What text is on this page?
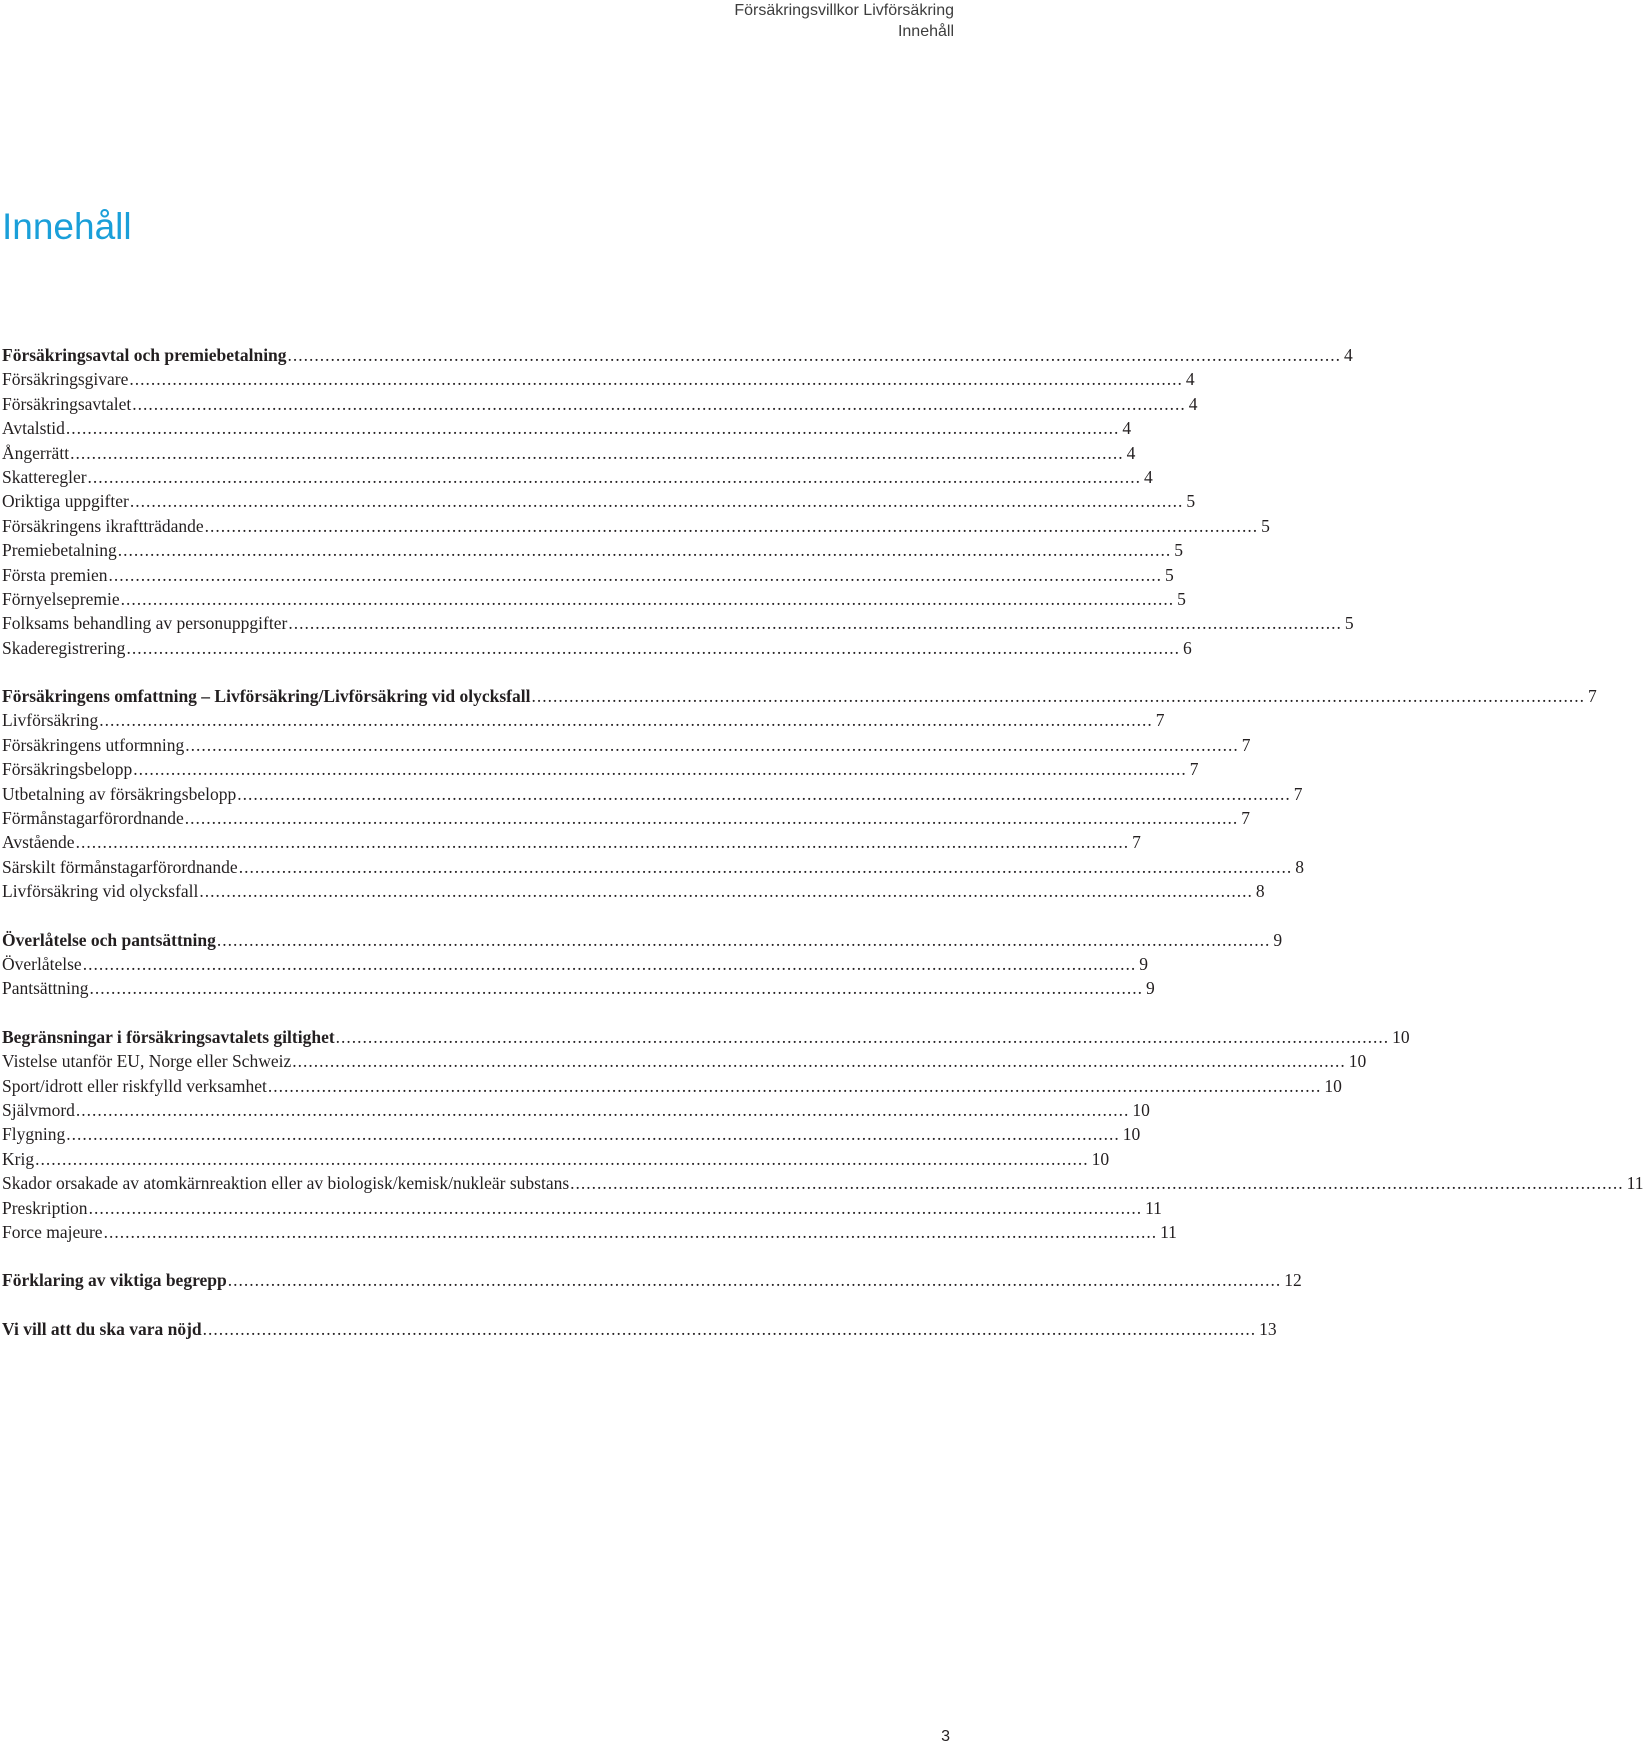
Försäkringsvillkor Livförsäkring
Innehåll
Innehåll
Försäkringsavtal och premiebetalning .................................................................................................................................................................................................... 4
Försäkringsgivare .................................................................................................................................................................................................... 4
Försäkringsavtalet .................................................................................................................................................................................................... 4
Avtalstid .................................................................................................................................................................................................... 4
Ångerrätt .................................................................................................................................................................................................... 4
Skatteregler .................................................................................................................................................................................................... 4
Oriktiga uppgifter .................................................................................................................................................................................................... 5
Försäkringens ikraftträdande .................................................................................................................................................................................................... 5
Premiebetalning .................................................................................................................................................................................................... 5
Första premien .................................................................................................................................................................................................... 5
Förnyelsepremie .................................................................................................................................................................................................... 5
Folksams behandling av personuppgifter .................................................................................................................................................................................................... 5
Skaderegistrering .................................................................................................................................................................................................... 6
Försäkringens omfattning – Livförsäkring/Livförsäkring vid olycksfall .................................................................................................................................................................................................... 7
Livförsäkring .................................................................................................................................................................................................... 7
Försäkringens utformning .................................................................................................................................................................................................... 7
Försäkringsbelopp .................................................................................................................................................................................................... 7
Utbetalning av försäkringsbelopp .................................................................................................................................................................................................... 7
Förmånstagarförordnande .................................................................................................................................................................................................... 7
Avstående .................................................................................................................................................................................................... 7
Särskilt förmånstagarförordnande .................................................................................................................................................................................................... 8
Livförsäkring vid olycksfall .................................................................................................................................................................................................... 8
Överlåtelse och pantsättning .................................................................................................................................................................................................... 9
Överlåtelse .................................................................................................................................................................................................... 9
Pantsättning .................................................................................................................................................................................................... 9
Begränsningar i försäkringsavtalets giltighet .................................................................................................................................................................................................... 10
Vistelse utanför EU, Norge eller Schweiz .................................................................................................................................................................................................... 10
Sport/idrott eller riskfylld verksamhet .................................................................................................................................................................................................... 10
Självmord .................................................................................................................................................................................................... 10
Flygning .................................................................................................................................................................................................... 10
Krig .................................................................................................................................................................................................... 10
Skador orsakade av atomkärnreaktion eller av biologisk/kemisk/nukleär substans .................................................................................................................................................................................................... 11
Preskription .................................................................................................................................................................................................... 11
Force majeure .................................................................................................................................................................................................... 11
Förklaring av viktiga begrepp .................................................................................................................................................................................................... 12
Vi vill att du ska vara nöjd .................................................................................................................................................................................................... 13
3
